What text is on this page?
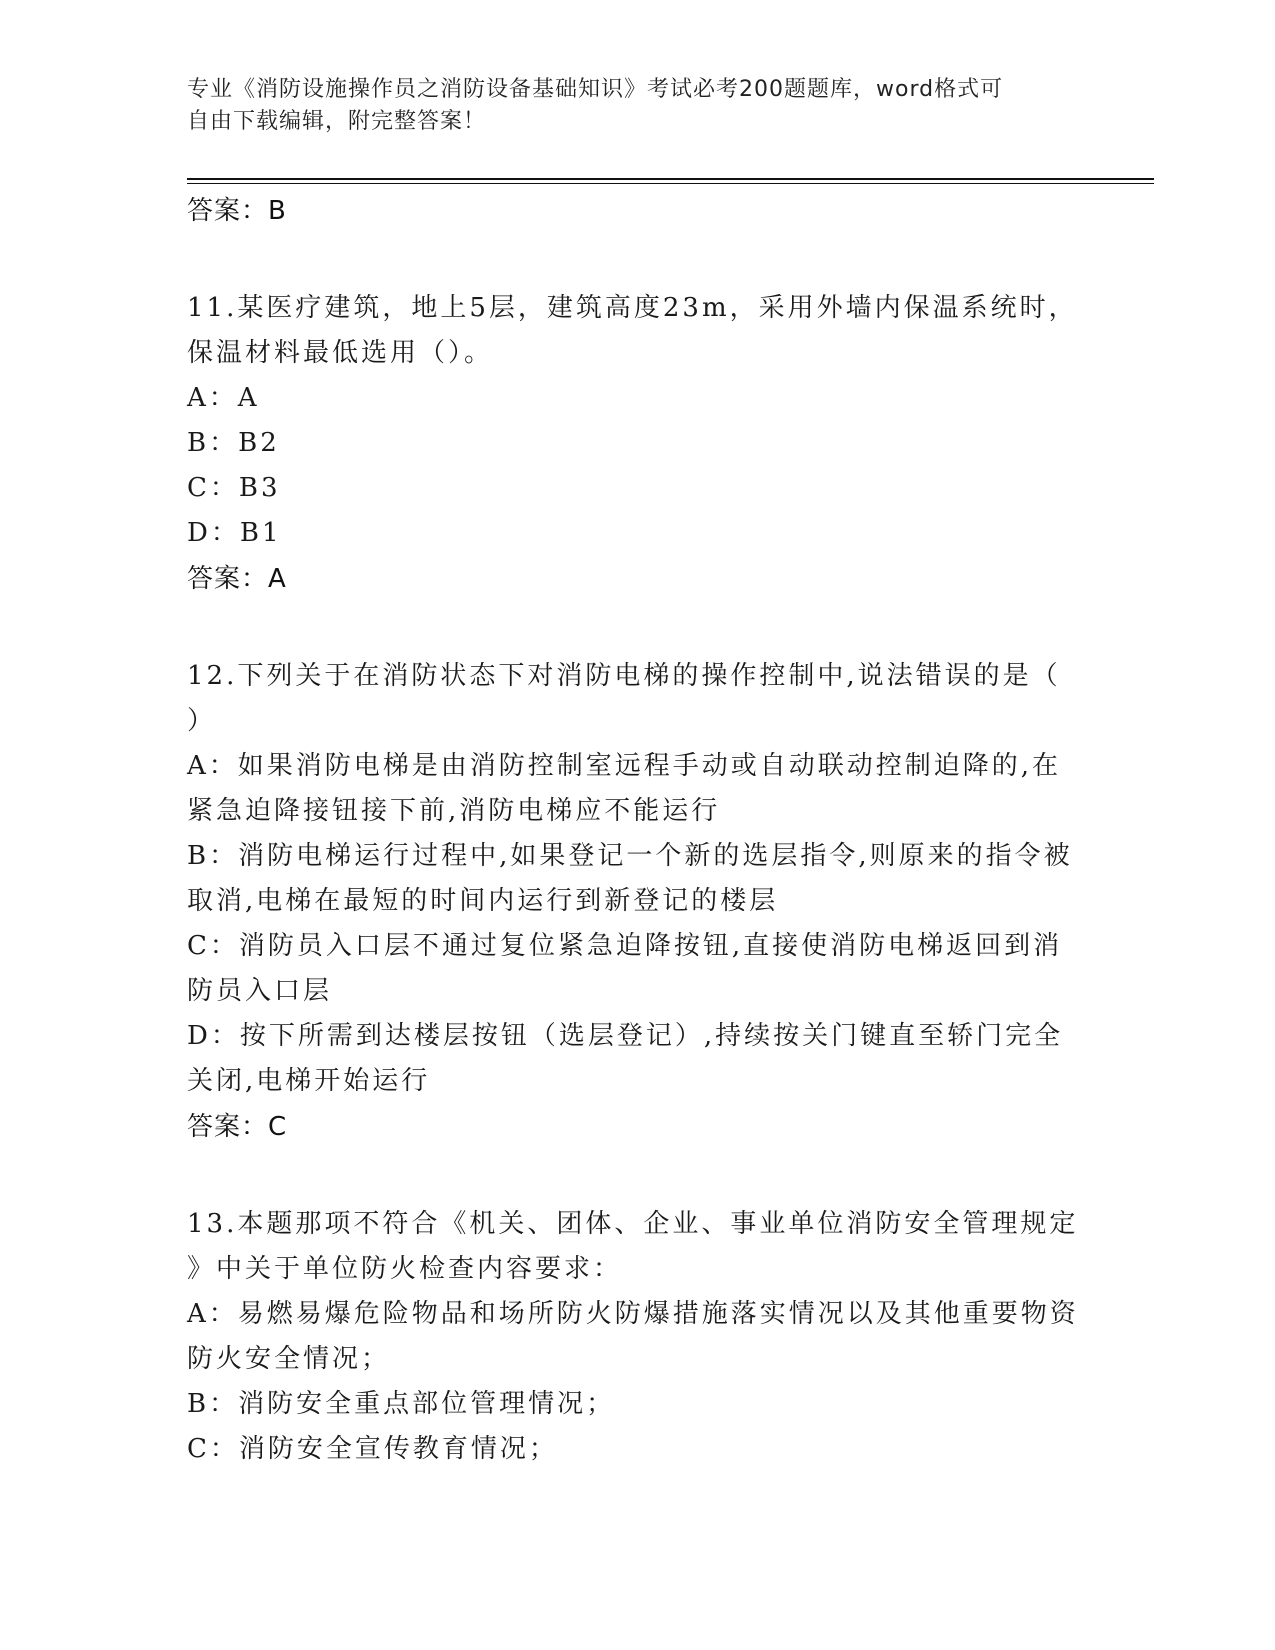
专业《消防设施操作员之消防设备基础知识》考试必考200题题库，word格式可
自由下载编辑，附完整答案！
答案：B
11.某医疗建筑，地上5层，建筑高度23m，采用外墙内保温系统时，
保温材料最低选用（）。
A：A
B：B2
C：B3
D：B1
答案：A
12.下列关于在消防状态下对消防电梯的操作控制中,说法错误的是（
）
A：如果消防电梯是由消防控制室远程手动或自动联动控制迫降的,在
紧急迫降接钮接下前,消防电梯应不能运行
B：消防电梯运行过程中,如果登记一个新的选层指令,则原来的指令被
取消,电梯在最短的时间内运行到新登记的楼层
C：消防员入口层不通过复位紧急迫降按钮,直接使消防电梯返回到消
防员入口层
D：按下所需到达楼层按钮（选层登记）,持续按关门键直至轿门完全
关闭,电梯开始运行
答案：C
13.本题那项不符合《机关、团体、企业、事业单位消防安全管理规定
》中关于单位防火检查内容要求：
A：易燃易爆危险物品和场所防火防爆措施落实情况以及其他重要物资
防火安全情况；
B：消防安全重点部位管理情况；
C：消防安全宣传教育情况；
